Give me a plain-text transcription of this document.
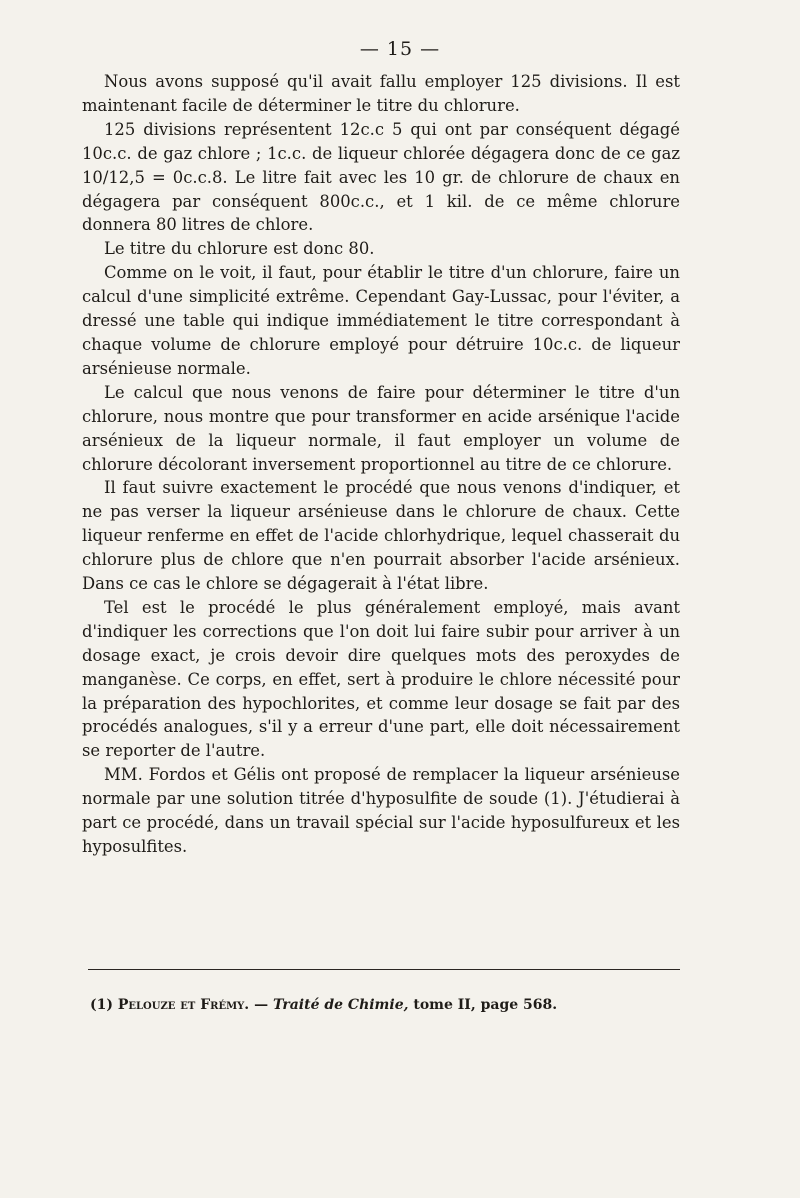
— 15 —

Nous avons supposé qu'il avait fallu employer 125 divisions. Il est maintenant facile de déterminer le titre du chlorure.

125 divisions représentent 12c.c 5 qui ont par conséquent dégagé 10c.c. de gaz chlore ; 1c.c. de liqueur chlorée dégagera donc de ce gaz 10/12,5 = 0c.c.8. Le litre fait avec les 10 gr. de chlorure de chaux en dégagera par conséquent 800c.c., et 1 kil. de ce même chlorure donnera 80 litres de chlore.

Le titre du chlorure est donc 80.

Comme on le voit, il faut, pour établir le titre d'un chlorure, faire un calcul d'une simplicité extrême. Cependant Gay-Lussac, pour l'éviter, a dressé une table qui indique immédiatement le titre correspondant à chaque volume de chlorure employé pour détruire 10c.c. de liqueur arsénieuse normale.

Le calcul que nous venons de faire pour déterminer le titre d'un chlorure, nous montre que pour transformer en acide arsénique l'acide arsénieux de la liqueur normale, il faut employer un volume de chlorure décolorant inversement proportionnel au titre de ce chlorure.

Il faut suivre exactement le procédé que nous venons d'indiquer, et ne pas verser la liqueur arsénieuse dans le chlorure de chaux. Cette liqueur renferme en effet de l'acide chlorhydrique, lequel chasserait du chlorure plus de chlore que n'en pourrait absorber l'acide arsénieux. Dans ce cas le chlore se dégagerait à l'état libre.

Tel est le procédé le plus généralement employé, mais avant d'indiquer les corrections que l'on doit lui faire subir pour arriver à un dosage exact, je crois devoir dire quelques mots des peroxydes de manganèse. Ce corps, en effet, sert à produire le chlore nécessité pour la préparation des hypochlorites, et comme leur dosage se fait par des procédés analogues, s'il y a erreur d'une part, elle doit nécessairement se reporter de l'autre.

MM. Fordos et Gélis ont proposé de remplacer la liqueur arsénieuse normale par une solution titrée d'hyposulfite de soude (1). J'étudierai à part ce procédé, dans un travail spécial sur l'acide hyposulfureux et les hyposulfites.

(1) Pelouze et Frémy. — Traité de Chimie, tome II, page 568.
